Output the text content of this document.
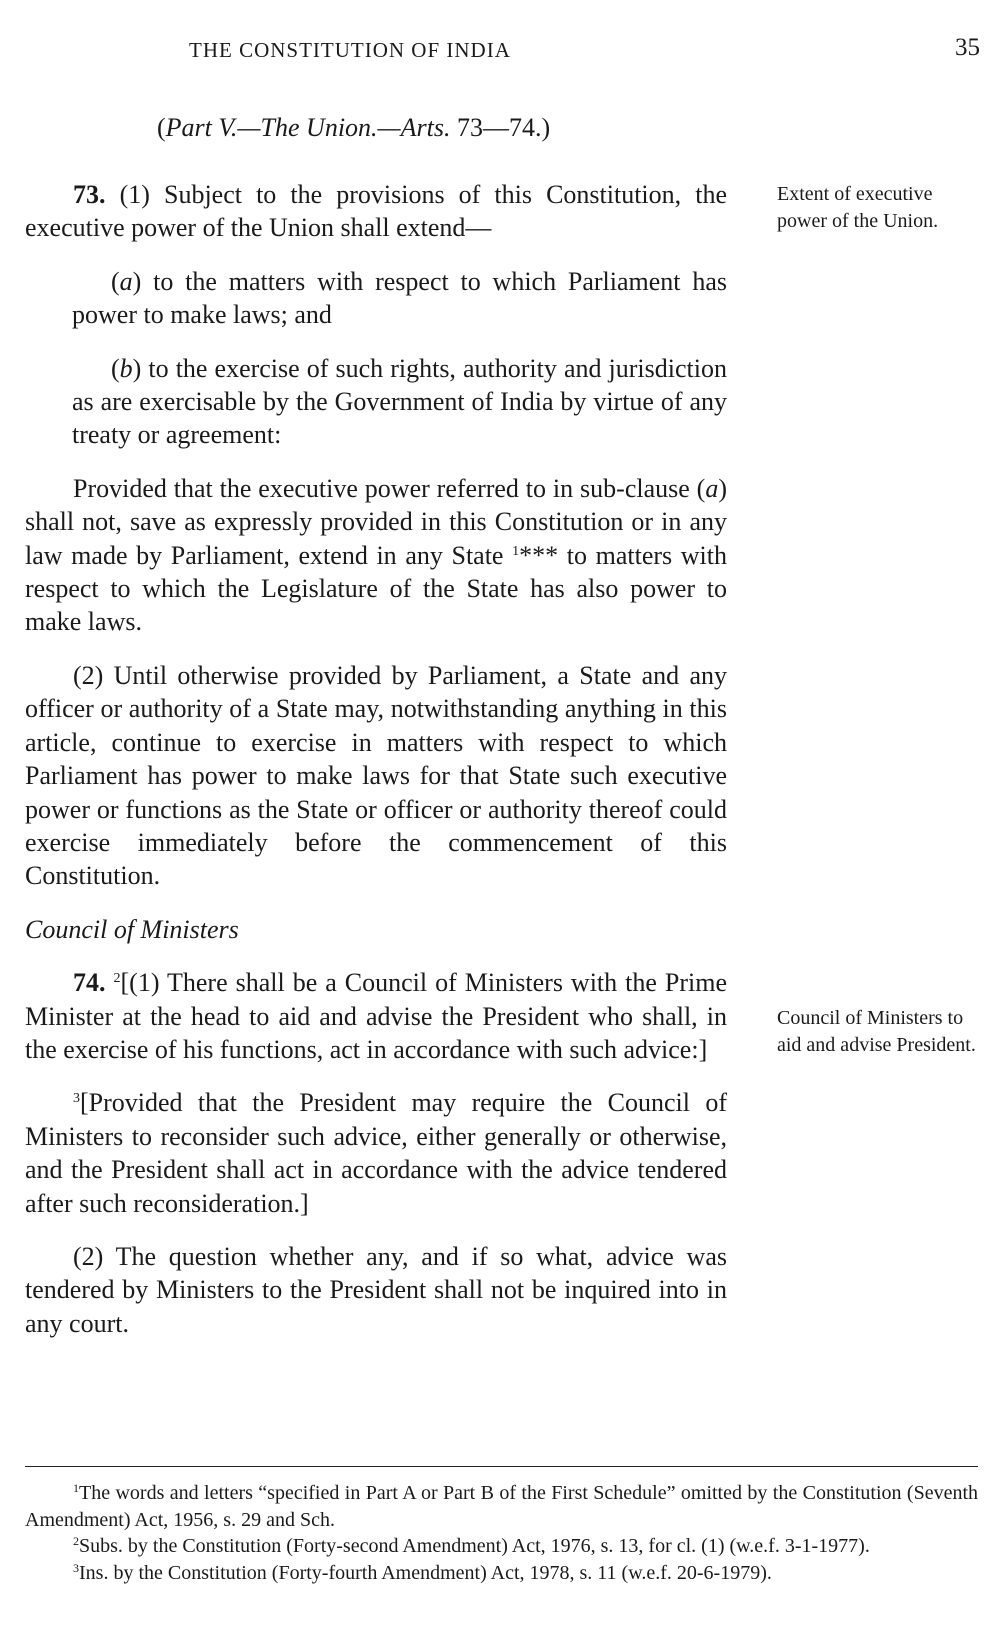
THE CONSTITUTION OF INDIA	35
(Part V.—The Union.—Arts. 73—74.)

73. (1) Subject to the provisions of this Constitution, the executive power of the Union shall extend—

(a) to the matters with respect to which Parliament has power to make laws; and

(b) to the exercise of such rights, authority and jurisdiction as are exercisable by the Government of India by virtue of any treaty or agreement:

Provided that the executive power referred to in sub-clause (a) shall not, save as expressly provided in this Constitution or in any law made by Parliament, extend in any State $^1$*** to matters with respect to which the Legislature of the State has also power to make laws.

(2) Until otherwise provided by Parliament, a State and any officer or authority of a State may, notwithstanding anything in this article, continue to exercise in matters with respect to which Parliament has power to make laws for that State such executive power or functions as the State or officer or authority thereof could exercise immediately before the commencement of this Constitution.

Council of Ministers

74. $^2$[(1) There shall be a Council of Ministers with the Prime Minister at the head to aid and advise the President who shall, in the exercise of his functions, act in accordance with such advice:]

$^3$[Provided that the President may require the Council of Ministers to reconsider such advice, either generally or otherwise, and the President shall act in accordance with the advice tendered after such reconsideration.]

(2) The question whether any, and if so what, advice was tendered by Ministers to the President shall not be inquired into in any court.

Extent of executive power of the Union.
Council of Ministers to aid and advise President.

$^1$The words and letters “specified in Part A or Part B of the First Schedule” omitted by the Constitution (Seventh Amendment) Act, 1956, s. 29 and Sch.

$^2$Subs. by the Constitution (Forty-second Amendment) Act, 1976, s. 13, for cl. (1) (w.e.f. 3-1-1977).

$^3$Ins. by the Constitution (Forty-fourth Amendment) Act, 1978, s. 11 (w.e.f. 20-6-1979).
